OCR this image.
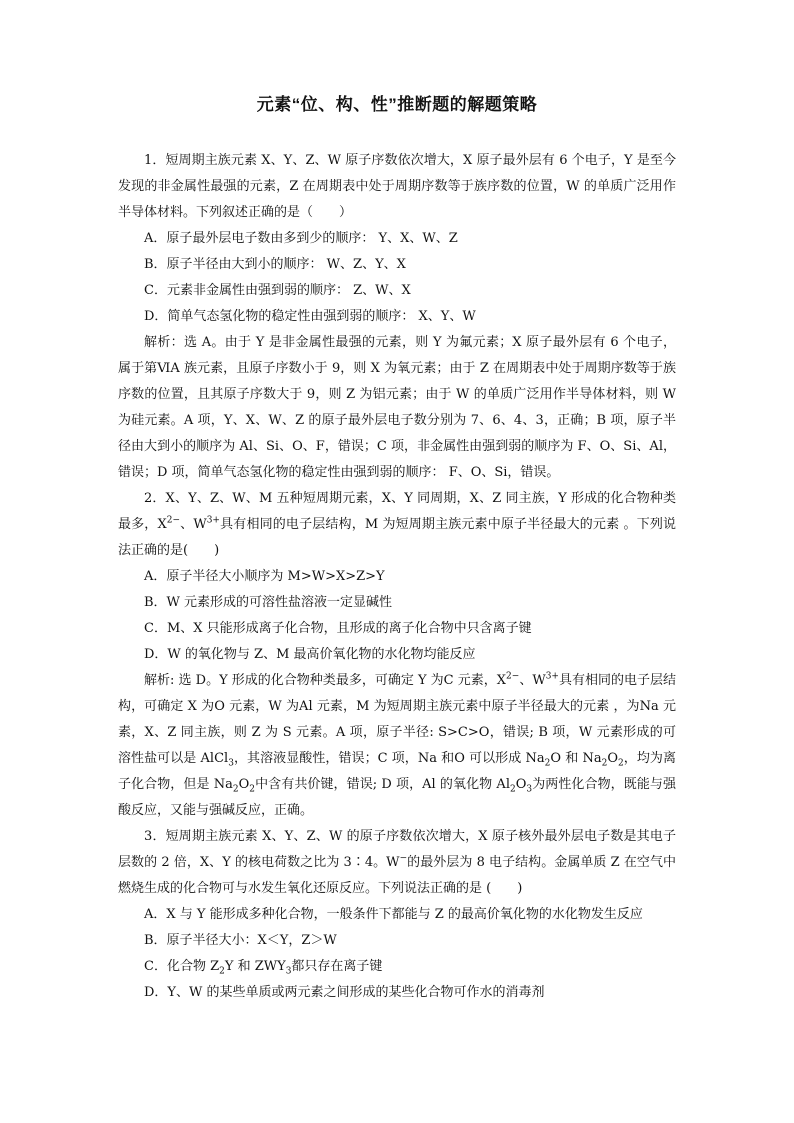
元素“位、构、性”推断题的解题策略

1．短周期主族元素 X、Y、Z、W 原子序数依次增大，X 原子最外层有 6 个电子，Y 是至今发现的非金属性最强的元素，Z 在周期表中处于周期序数等于族序数的位置，W 的单质广泛用作半导体材料。下列叙述正确的是（　　）

A．原子最外层电子数由多到少的顺序： Y、X、W、Z

B．原子半径由大到小的顺序： W、Z、Y、X

C．元素非金属性由强到弱的顺序： Z、W、X

D．简单气态氢化物的稳定性由强到弱的顺序： X、Y、W

解析：选 A。由于 Y 是非金属性最强的元素，则 Y 为氟元素；X 原子最外层有 6 个电子，属于第ⅥA 族元素，且原子序数小于 9，则 X 为氧元素；由于 Z 在周期表中处于周期序数等于族序数的位置，且其原子序数大于 9，则 Z 为铝元素；由于 W 的单质广泛用作半导体材料，则 W 为硅元素。A 项，Y、X、W、Z 的原子最外层电子数分别为 7、6、4、3，正确；B 项，原子半径由大到小的顺序为 Al、Si、O、F，错误；C 项，非金属性由强到弱的顺序为 F、O、Si、Al，错误；D 项，简单气态氢化物的稳定性由强到弱的顺序： F、O、Si，错误。

2．X、Y、Z、W、M 五种短周期元素，X、Y 同周期，X、Z 同主族，Y 形成的化合物种类最多，$X^{2-}$、$W^{3+}$具有相同的电子层结构，M 为短周期主族元素中原子半径最大的元素 。下列说法正确的是(　　)

A．原子半径大小顺序为 M>W>X>Z>Y

B．W 元素形成的可溶性盐溶液一定显碱性

C．M、X 只能形成离子化合物，且形成的离子化合物中只含离子键

D．W 的氧化物与 Z、M 最高价氧化物的水化物均能反应

解析: 选 D。Y 形成的化合物种类最多，可确定 Y 为C 元素，$X^{2-}$、$W^{3+}$具有相同的电子层结构，可确定 X 为O 元素，W 为Al 元素，M 为短周期主族元素中原子半径最大的元素 ，为Na 元素，X、Z 同主族，则 Z 为 S 元素。A 项，原子半径: S>C>O，错误; B 项，W 元素形成的可溶性盐可以是 AlCl$_3$，其溶液显酸性，错误；C 项，Na 和O 可以形成 $Na_2O$ 和 $Na_2O_2$，均为离子化合物，但是 $Na_2O_2$中含有共价键，错误; D 项，Al 的氧化物 $Al_2O_3$为两性化合物，既能与强酸反应，又能与强碱反应，正确。

3．短周期主族元素 X、Y、Z、W 的原子序数依次增大，X 原子核外最外层电子数是其电子层数的 2 倍，X、Y 的核电荷数之比为 3∶4。W−的最外层为 8 电子结构。金属单质 Z 在空气中燃烧生成的化合物可与水发生氧化还原反应。下列说法正确的是 (　　)

A．X 与 Y 能形成多种化合物，一般条件下都能与 Z 的最高价氧化物的水化物发生反应

B．原子半径大小：X＜Y，Z＞W

C．化合物 $Z_2Y$ 和 $ZWY_3$都只存在离子键

D．Y、W 的某些单质或两元素之间形成的某些化合物可作水的消毒剂
